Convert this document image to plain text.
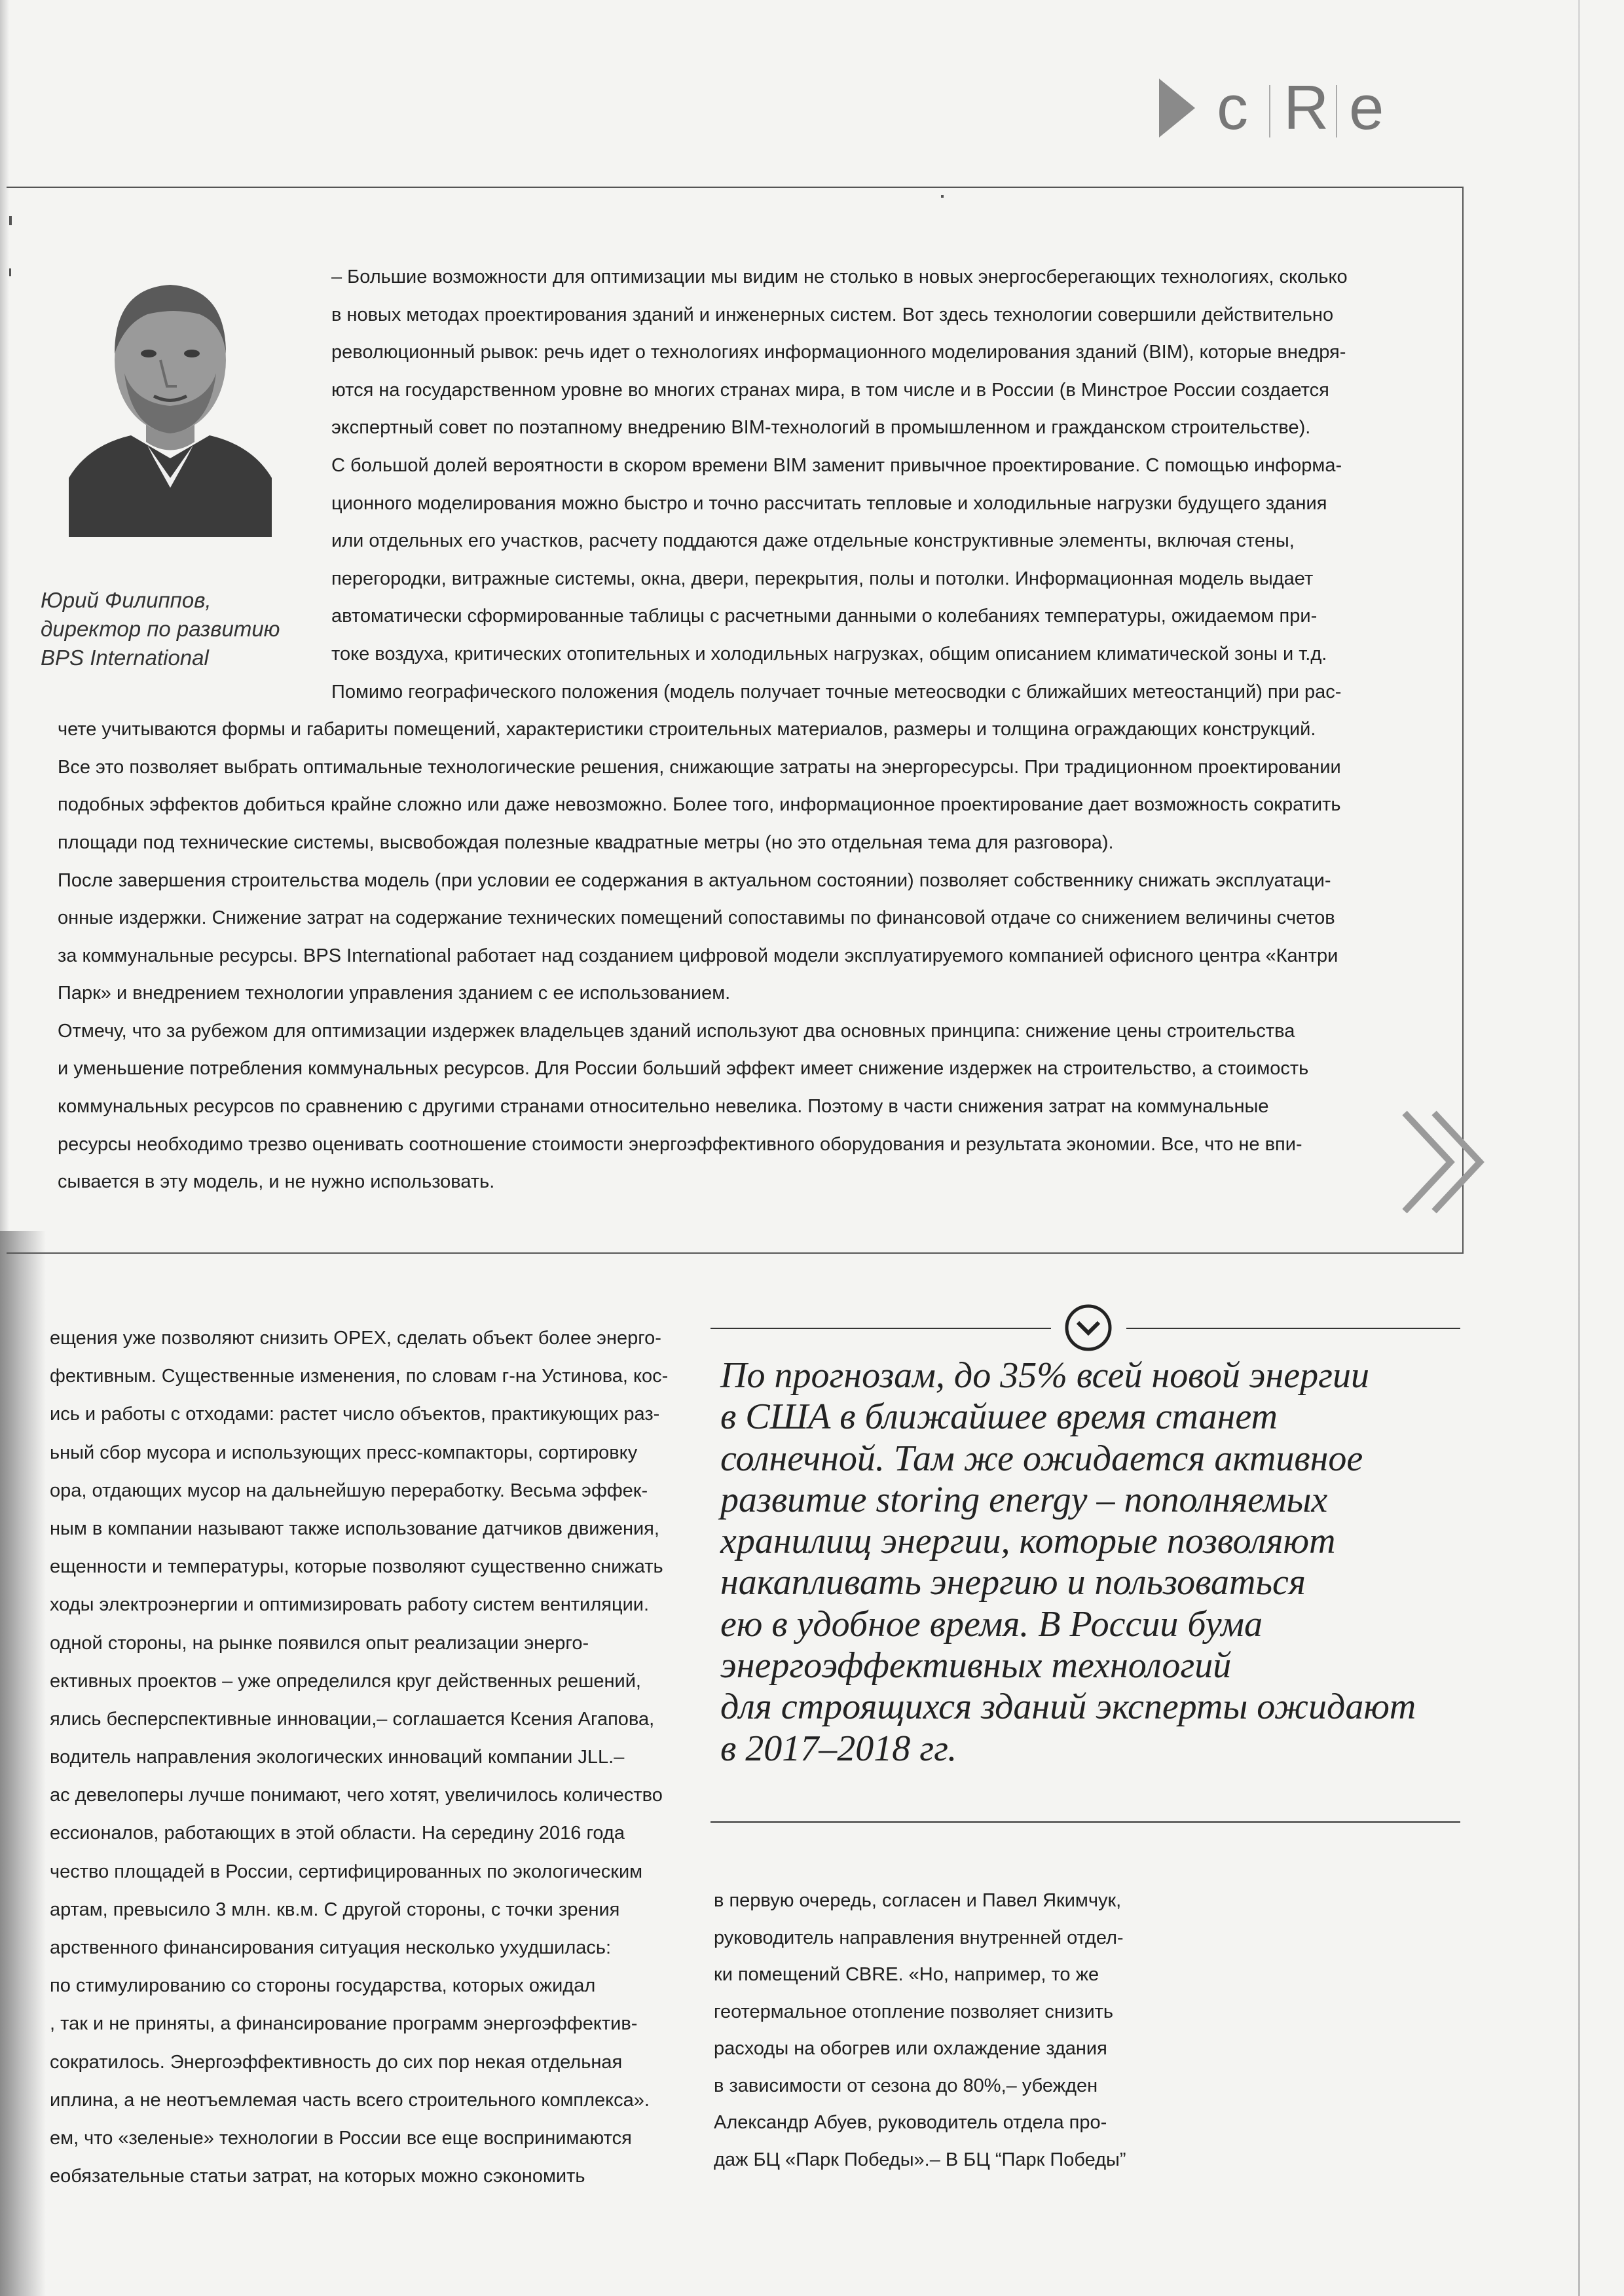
c R e
Юрий Филиппов,
директор по развитию
BPS International
– Большие возможности для оптимизации мы видим не столько в новых энергосберегающих технологиях, сколько
в новых методах проектирования зданий и инженерных систем. Вот здесь технологии совершили действительно
революционный рывок: речь идет о технологиях информационного моделирования зданий (BIM), которые внедря-
ются на государственном уровне во многих странах мира, в том числе и в России (в Минстрое России создается
экспертный совет по поэтапному внедрению BIM-технологий в промышленном и гражданском строительстве).
С большой долей вероятности в скором времени BIM заменит привычное проектирование. С помощью информа-
ционного моделирования можно быстро и точно рассчитать тепловые и холодильные нагрузки будущего здания
или отдельных его участков, расчету поддаются даже отдельные конструктивные элементы, включая стены,
перегородки, витражные системы, окна, двери, перекрытия, полы и потолки. Информационная модель выдает
автоматически сформированные таблицы с расчетными данными о колебаниях температуры, ожидаемом при-
токе воздуха, критических отопительных и холодильных нагрузках, общим описанием климатической зоны и т.д.
Помимо географического положения (модель получает точные метеосводки с ближайших метеостанций) при рас-
чете учитываются формы и габариты помещений, характеристики строительных материалов, размеры и толщина ограждающих конструкций.
Все это позволяет выбрать оптимальные технологические решения, снижающие затраты на энергоресурсы. При традиционном проектировании
подобных эффектов добиться крайне сложно или даже невозможно. Более того, информационное проектирование дает возможность сократить
площади под технические системы, высвобождая полезные квадратные метры (но это отдельная тема для разговора).
После завершения строительства модель (при условии ее содержания в актуальном состоянии) позволяет собственнику снижать эксплуатаци-
онные издержки. Снижение затрат на содержание технических помещений сопоставимы по финансовой отдаче со снижением величины счетов
за коммунальные ресурсы. BPS International работает над созданием цифровой модели эксплуатируемого компанией офисного центра «Кантри
Парк» и внедрением технологии управления зданием с ее использованием.
Отмечу, что за рубежом для оптимизации издержек владельцев зданий используют два основных принципа: снижение цены строительства
и уменьшение потребления коммунальных ресурсов. Для России больший эффект имеет снижение издержек на строительство, а стоимость
коммунальных ресурсов по сравнению с другими странами относительно невелика. Поэтому в части снижения затрат на коммунальные
ресурсы необходимо трезво оценивать соотношение стоимости энергоэффективного оборудования и результата экономии. Все, что не впи-
сывается в эту модель, и не нужно использовать.
ещения уже позволяют снизить OPEX, сделать объект более энерго-
фективным. Существенные изменения, по словам г-на Устинова, кос-
ись и работы с отходами: растет число объектов, практикующих раз-
ьный сбор мусора и использующих пресс-компакторы, сортировку
ора, отдающих мусор на дальнейшую переработку. Весьма эффек-
ным в компании называют также использование датчиков движения,
ещенности и температуры, которые позволяют существенно снижать
ходы электроэнергии и оптимизировать работу систем вентиляции.
одной стороны, на рынке появился опыт реализации энерго-
ективных проектов – уже определился круг действенных решений,
ялись бесперспективные инновации,– соглашается Ксения Агапова,
водитель направления экологических инноваций компании JLL.–
ас девелоперы лучше понимают, чего хотят, увеличилось количество
ессионалов, работающих в этой области. На середину 2016 года
чество площадей в России, сертифицированных по экологическим
артам, превысило 3 млн. кв.м. С другой стороны, с точки зрения
арственного финансирования ситуация несколько ухудшилась:
по стимулированию со стороны государства, которых ожидал
, так и не приняты, а финансирование программ энергоэффектив-
сократилось. Энергоэффективность до сих пор некая отдельная
иплина, а не неотъемлемая часть всего строительного комплекса».
ем, что «зеленые» технологии в России все еще воспринимаются
еобязательные статьи затрат, на которых можно сэкономить
По прогнозам, до 35% всей новой энергии
в США в ближайшее время станет
солнечной. Там же ожидается активное
развитие storing energy – пополняемых
хранилищ энергии, которые позволяют
накапливать энергию и пользоваться
ею в удобное время. В России бума
энергоэффективных технологий
для строящихся зданий эксперты ожидают
в 2017–2018 гг.
в первую очередь, согласен и Павел Якимчук,
руководитель направления внутренней отдел-
ки помещений CBRE. «Но, например, то же
геотермальное отопление позволяет снизить
расходы на обогрев или охлаждение здания
в зависимости от сезона до 80%,– убежден
Александр Абуев, руководитель отдела про-
даж БЦ «Парк Победы».– В БЦ “Парк Победы”
